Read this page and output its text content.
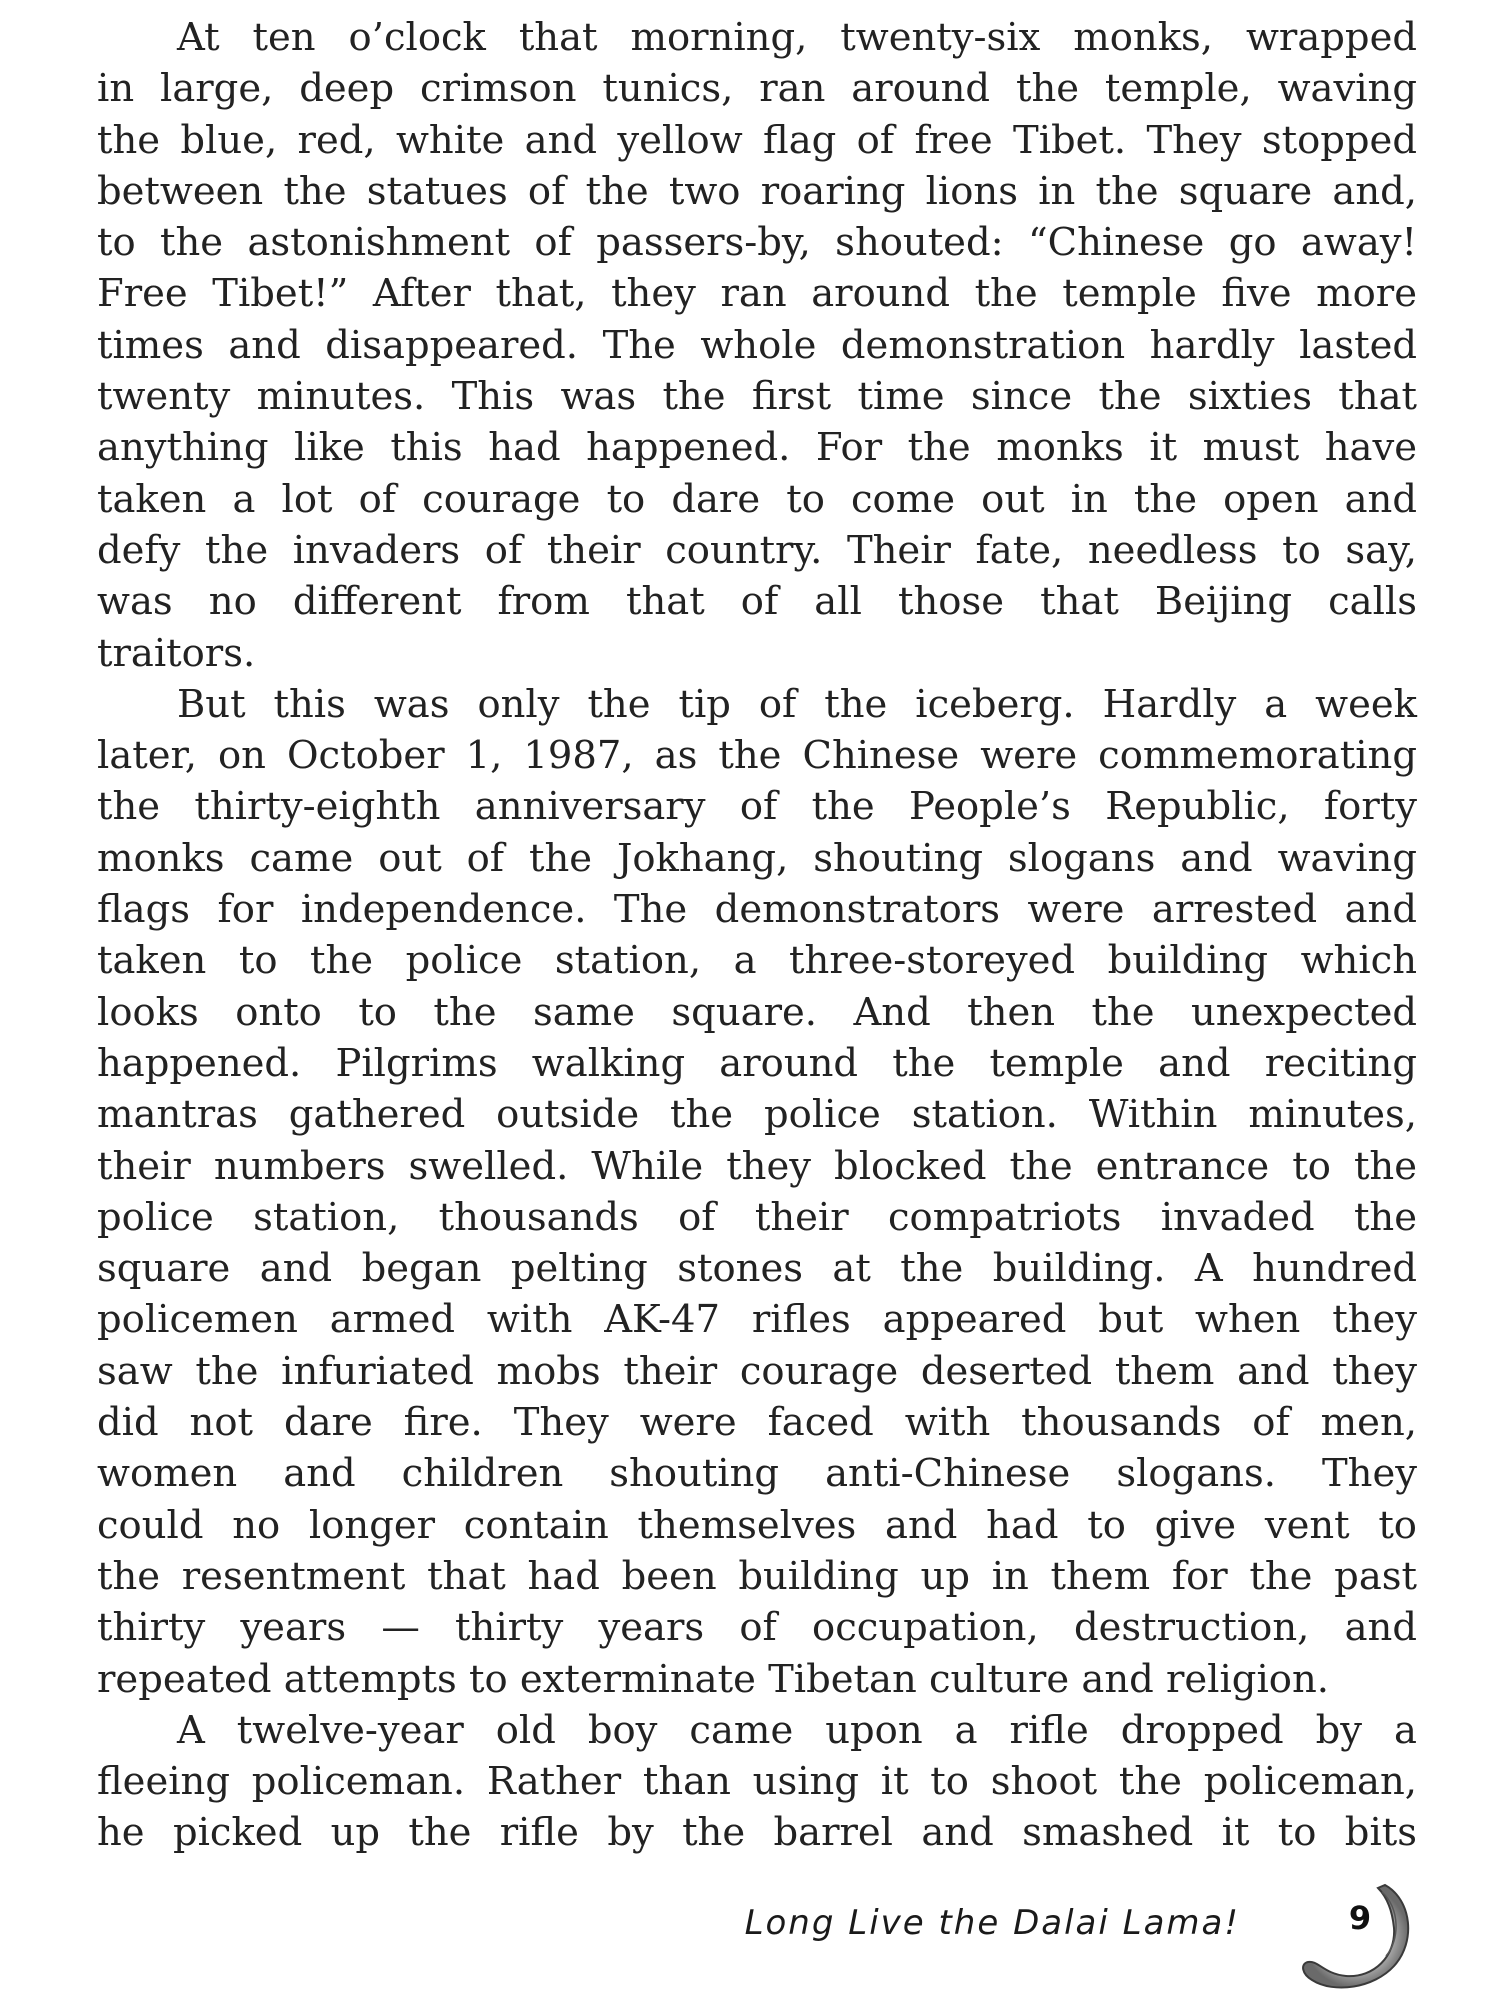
At ten o’clock that morning, twenty-six monks, wrapped
in large, deep crimson tunics, ran around the temple, waving
the blue, red, white and yellow flag of free Tibet. They stopped
between the statues of the two roaring lions in the square and,
to the astonishment of passers-by, shouted: “Chinese go away!
Free Tibet!” After that, they ran around the temple five more
times and disappeared. The whole demonstration hardly lasted
twenty minutes. This was the first time since the sixties that
anything like this had happened. For the monks it must have
taken a lot of courage to dare to come out in the open and
defy the invaders of their country. Their fate, needless to say,
was no different from that of all those that Beijing calls
traitors.
But this was only the tip of the iceberg. Hardly a week
later, on October 1, 1987, as the Chinese were commemorating
the thirty-eighth anniversary of the People’s Republic, forty
monks came out of the Jokhang, shouting slogans and waving
flags for independence. The demonstrators were arrested and
taken to the police station, a three-storeyed building which
looks onto to the same square. And then the unexpected
happened. Pilgrims walking around the temple and reciting
mantras gathered outside the police station. Within minutes,
their numbers swelled. While they blocked the entrance to the
police station, thousands of their compatriots invaded the
square and began pelting stones at the building. A hundred
policemen armed with AK-47 rifles appeared but when they
saw the infuriated mobs their courage deserted them and they
did not dare fire. They were faced with thousands of men,
women and children shouting anti-Chinese slogans. They
could no longer contain themselves and had to give vent to
the resentment that had been building up in them for the past
thirty years — thirty years of occupation, destruction, and
repeated attempts to exterminate Tibetan culture and religion.
A twelve-year old boy came upon a rifle dropped by a
fleeing policeman. Rather than using it to shoot the policeman,
he picked up the rifle by the barrel and smashed it to bits
Long Live the Dalai Lama!	9
